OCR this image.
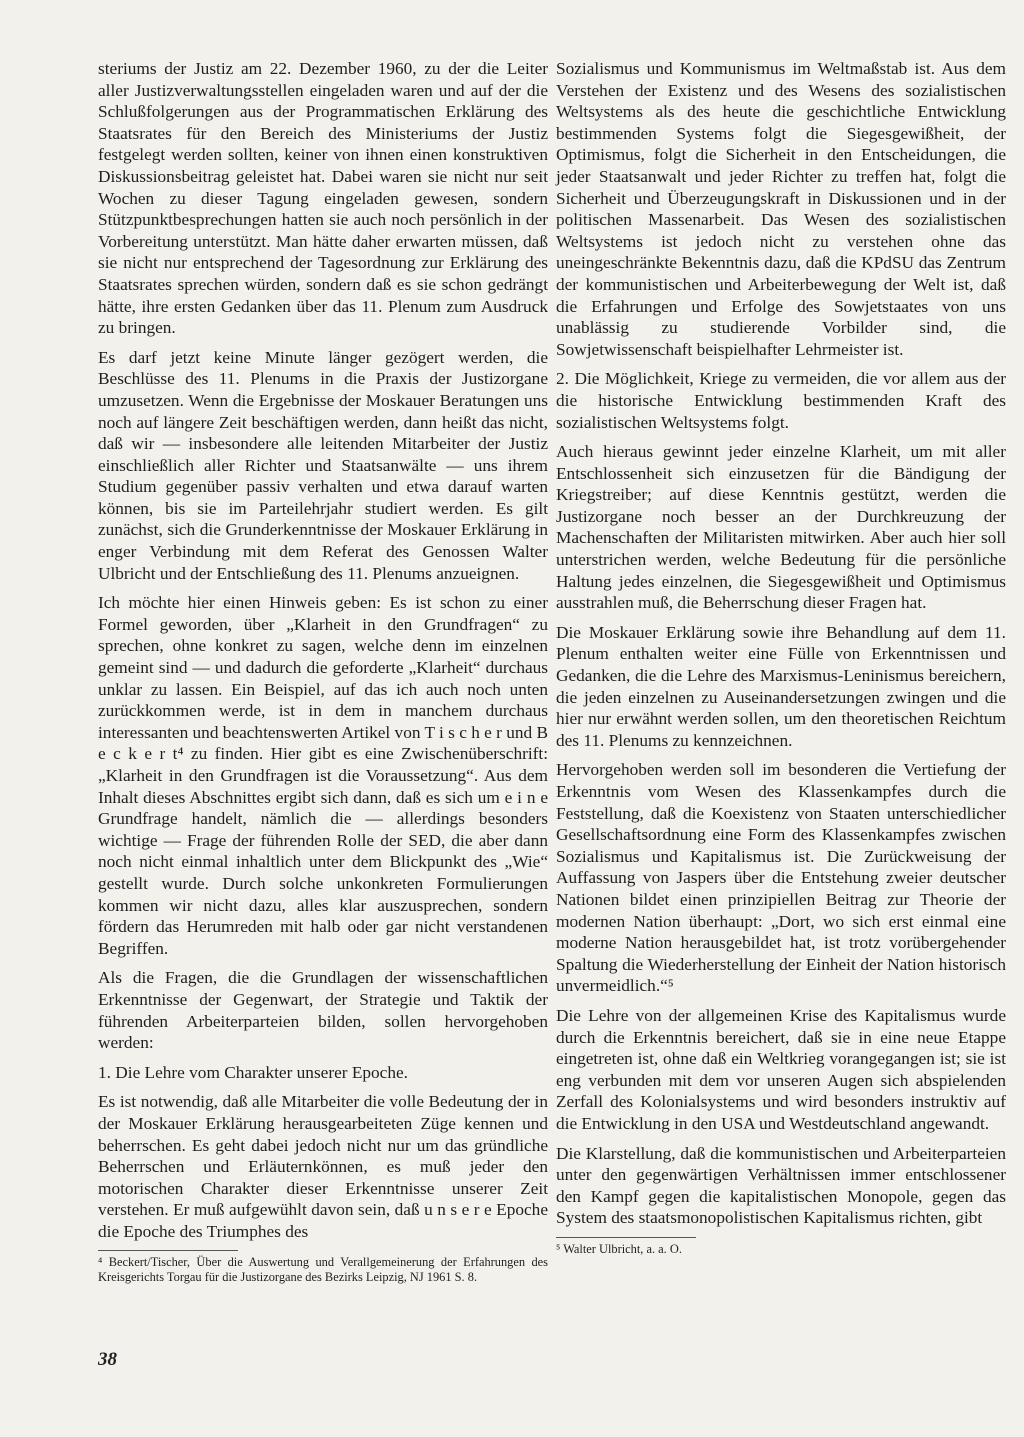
steriums der Justiz am 22. Dezember 1960, zu der die Leiter aller Justizverwaltungsstellen eingeladen waren und auf der die Schlußfolgerungen aus der Programmatischen Erklärung des Staatsrates für den Bereich des Ministeriums der Justiz festgelegt werden sollten, keiner von ihnen einen konstruktiven Diskussionsbeitrag geleistet hat. Dabei waren sie nicht nur seit Wochen zu dieser Tagung eingeladen gewesen, sondern Stützpunktbesprechungen hatten sie auch noch persönlich in der Vorbereitung unterstützt. Man hätte daher erwarten müssen, daß sie nicht nur entsprechend der Tagesordnung zur Erklärung des Staatsrates sprechen würden, sondern daß es sie schon gedrängt hätte, ihre ersten Gedanken über das 11. Plenum zum Ausdruck zu bringen.

Es darf jetzt keine Minute länger gezögert werden, die Beschlüsse des 11. Plenums in die Praxis der Justizorgane umzusetzen. Wenn die Ergebnisse der Moskauer Beratungen uns noch auf längere Zeit beschäftigen werden, dann heißt das nicht, daß wir — insbesondere alle leitenden Mitarbeiter der Justiz einschließlich aller Richter und Staatsanwälte — uns ihrem Studium gegenüber passiv verhalten und etwa darauf warten können, bis sie im Parteilehrjahr studiert werden. Es gilt zunächst, sich die Grunderkenntnisse der Moskauer Erklärung in enger Verbindung mit dem Referat des Genossen Walter Ulbricht und der Entschließung des 11. Plenums anzueignen.

Ich möchte hier einen Hinweis geben: Es ist schon zu einer Formel geworden, über „Klarheit in den Grundfragen“ zu sprechen, ohne konkret zu sagen, welche denn im einzelnen gemeint sind — und dadurch die geforderte „Klarheit“ durchaus unklar zu lassen. Ein Beispiel, auf das ich auch noch unten zurückkommen werde, ist in dem in manchem durchaus interessanten und beachtenswerten Artikel von T i s c h e r und B e c k e r t⁴ zu finden. Hier gibt es eine Zwischenüberschrift: „Klarheit in den Grundfragen ist die Voraussetzung“. Aus dem Inhalt dieses Abschnittes ergibt sich dann, daß es sich um e i n e Grundfrage handelt, nämlich die — allerdings besonders wichtige — Frage der führenden Rolle der SED, die aber dann noch nicht einmal inhaltlich unter dem Blickpunkt des „Wie“ gestellt wurde. Durch solche unkonkreten Formulierungen kommen wir nicht dazu, alles klar auszusprechen, sondern fördern das Herumreden mit halb oder gar nicht verstandenen Begriffen.

Als die Fragen, die die Grundlagen der wissenschaftlichen Erkenntnisse der Gegenwart, der Strategie und Taktik der führenden Arbeiterparteien bilden, sollen hervorgehoben werden:

1. Die Lehre vom Charakter unserer Epoche.

Es ist notwendig, daß alle Mitarbeiter die volle Bedeutung der in der Moskauer Erklärung herausgearbeiteten Züge kennen und beherrschen. Es geht dabei jedoch nicht nur um das gründliche Beherrschen und Erläuternkönnen, es muß jeder den motorischen Charakter dieser Erkenntnisse unserer Zeit verstehen. Er muß aufgewühlt davon sein, daß u n s e r e Epoche die Epoche des Triumphes des

⁴ Beckert/Tischer, Über die Auswertung und Verallgemeinerung der Erfahrungen des Kreisgerichts Torgau für die Justizorgane des Bezirks Leipzig, NJ 1961 S. 8.

Sozialismus und Kommunismus im Weltmaßstab ist. Aus dem Verstehen der Existenz und des Wesens des sozialistischen Weltsystems als des heute die geschichtliche Entwicklung bestimmenden Systems folgt die Siegesgewißheit, der Optimismus, folgt die Sicherheit in den Entscheidungen, die jeder Staatsanwalt und jeder Richter zu treffen hat, folgt die Sicherheit und Überzeugungskraft in Diskussionen und in der politischen Massenarbeit. Das Wesen des sozialistischen Weltsystems ist jedoch nicht zu verstehen ohne das uneingeschränkte Bekenntnis dazu, daß die KPdSU das Zentrum der kommunistischen und Arbeiterbewegung der Welt ist, daß die Erfahrungen und Erfolge des Sowjetstaates von uns unablässig zu studierende Vorbilder sind, die Sowjetwissenschaft beispielhafter Lehrmeister ist.

2. Die Möglichkeit, Kriege zu vermeiden, die vor allem aus der die historische Entwicklung bestimmenden Kraft des sozialistischen Weltsystems folgt.

Auch hieraus gewinnt jeder einzelne Klarheit, um mit aller Entschlossenheit sich einzusetzen für die Bändigung der Kriegstreiber; auf diese Kenntnis gestützt, werden die Justizorgane noch besser an der Durchkreuzung der Machenschaften der Militaristen mitwirken. Aber auch hier soll unterstrichen werden, welche Bedeutung für die persönliche Haltung jedes einzelnen, die Siegesgewißheit und Optimismus ausstrahlen muß, die Beherrschung dieser Fragen hat.

Die Moskauer Erklärung sowie ihre Behandlung auf dem 11. Plenum enthalten weiter eine Fülle von Erkenntnissen und Gedanken, die die Lehre des Marxismus-Leninismus bereichern, die jeden einzelnen zu Auseinandersetzungen zwingen und die hier nur erwähnt werden sollen, um den theoretischen Reichtum des 11. Plenums zu kennzeichnen.

Hervorgehoben werden soll im besonderen die Vertiefung der Erkenntnis vom Wesen des Klassenkampfes durch die Feststellung, daß die Koexistenz von Staaten unterschiedlicher Gesellschaftsordnung eine Form des Klassenkampfes zwischen Sozialismus und Kapitalismus ist. Die Zurückweisung der Auffassung von Jaspers über die Entstehung zweier deutscher Nationen bildet einen prinzipiellen Beitrag zur Theorie der modernen Nation überhaupt: „Dort, wo sich erst einmal eine moderne Nation herausgebildet hat, ist trotz vorübergehender Spaltung die Wiederherstellung der Einheit der Nation historisch unvermeidlich.“⁵

Die Lehre von der allgemeinen Krise des Kapitalismus wurde durch die Erkenntnis bereichert, daß sie in eine neue Etappe eingetreten ist, ohne daß ein Weltkrieg vorangegangen ist; sie ist eng verbunden mit dem vor unseren Augen sich abspielenden Zerfall des Kolonialsystems und wird besonders instruktiv auf die Entwicklung in den USA und Westdeutschland angewandt.

Die Klarstellung, daß die kommunistischen und Arbeiterparteien unter den gegenwärtigen Verhältnissen immer entschlossener den Kampf gegen die kapitalistischen Monopole, gegen das System des staatsmonopolistischen Kapitalismus richten, gibt

⁵ Walter Ulbricht, a. a. O.
38
